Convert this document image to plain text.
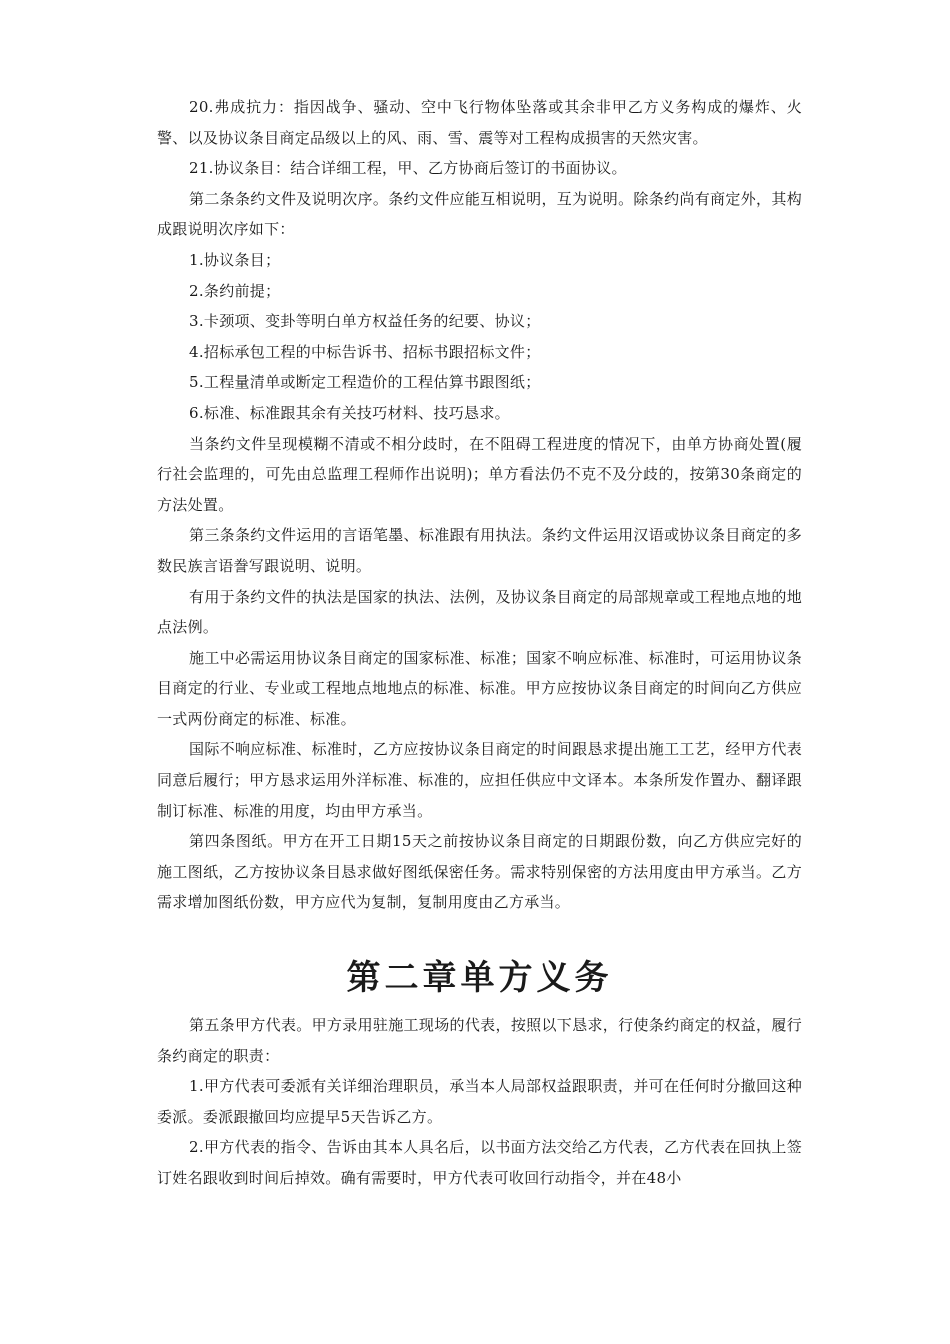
20.弗成抗力：指因战争、骚动、空中飞行物体坠落或其余非甲乙方义务构成的爆炸、火警、以及协议条目商定品级以上的风、雨、雪、震等对工程构成损害的天然灾害。

21.协议条目：结合详细工程，甲、乙方协商后签订的书面协议。

第二条条约文件及说明次序。条约文件应能互相说明，互为说明。除条约尚有商定外，其构成跟说明次序如下：

1.协议条目；

2.条约前提；

3.卡颈项、变卦等明白单方权益任务的纪要、协议；

4.招标承包工程的中标告诉书、招标书跟招标文件；

5.工程量清单或断定工程造价的工程估算书跟图纸；

6.标准、标准跟其余有关技巧材料、技巧恳求。

当条约文件呈现模糊不清或不相分歧时，在不阻碍工程进度的情况下，由单方协商处置(履行社会监理的，可先由总监理工程师作出说明)；单方看法仍不克不及分歧的，按第30条商定的方法处置。

第三条条约文件运用的言语笔墨、标准跟有用执法。条约文件运用汉语或协议条目商定的多数民族言语誊写跟说明、说明。

有用于条约文件的执法是国家的执法、法例，及协议条目商定的局部规章或工程地点地的地点法例。

施工中必需运用协议条目商定的国家标准、标准；国家不响应标准、标准时，可运用协议条目商定的行业、专业或工程地点地地点的标准、标准。甲方应按协议条目商定的时间向乙方供应一式两份商定的标准、标准。

国际不响应标准、标准时，乙方应按协议条目商定的时间跟恳求提出施工工艺，经甲方代表同意后履行；甲方恳求运用外洋标准、标准的，应担任供应中文译本。本条所发作置办、翻译跟制订标准、标准的用度，均由甲方承当。

第四条图纸。甲方在开工日期15天之前按协议条目商定的日期跟份数，向乙方供应完好的施工图纸，乙方按协议条目恳求做好图纸保密任务。需求特别保密的方法用度由甲方承当。乙方需求增加图纸份数，甲方应代为复制，复制用度由乙方承当。

第二章单方义务

第五条甲方代表。甲方录用驻施工现场的代表，按照以下恳求，行使条约商定的权益，履行条约商定的职责：

1.甲方代表可委派有关详细治理职员，承当本人局部权益跟职责，并可在任何时分撤回这种委派。委派跟撤回均应提早5天告诉乙方。

2.甲方代表的指令、告诉由其本人具名后，以书面方法交给乙方代表，乙方代表在回执上签订姓名跟收到时间后掉效。确有需要时，甲方代表可收回行动指令，并在48小
